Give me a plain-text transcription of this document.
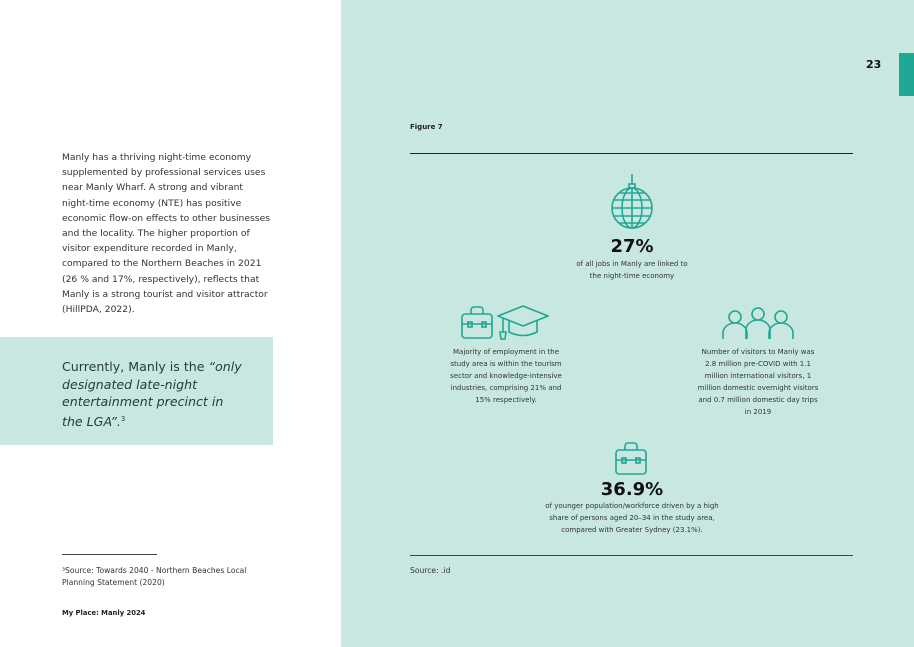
23

Manly has a thriving night-time economy supplemented by professional services uses near Manly Wharf. A strong and vibrant night-time economy (NTE) has positive economic flow-on effects to other businesses and the locality. The higher proportion of visitor expenditure recorded in Manly, compared to the Northern Beaches in 2021 (26 % and 17%, respectively), reflects that Manly is a strong tourist and visitor attractor (HillPDA, 2022).

Currently, Manly is the “only designated late-night entertainment precinct in the LGA”.$^3$

³Source: Towards 2040 - Northern Beaches Local Planning Statement (2020)

My Place: Manly 2024
Figure 7
27%
of all jobs in Manly are linked to the night-time economy
Majority of employment in the study area is within the tourism sector and knowledge-intensive industries, comprising 21% and 15% respectively.
Number of visitors to Manly was 2.8 million pre-COVID with 1.1 million international visitors, 1 million domestic overnight visitors and 0.7 million domestic day trips in 2019
36.9%
of younger population/workforce driven by a high share of persons aged 20–34 in the study area, compared with Greater Sydney (23.1%).
Source: .id
